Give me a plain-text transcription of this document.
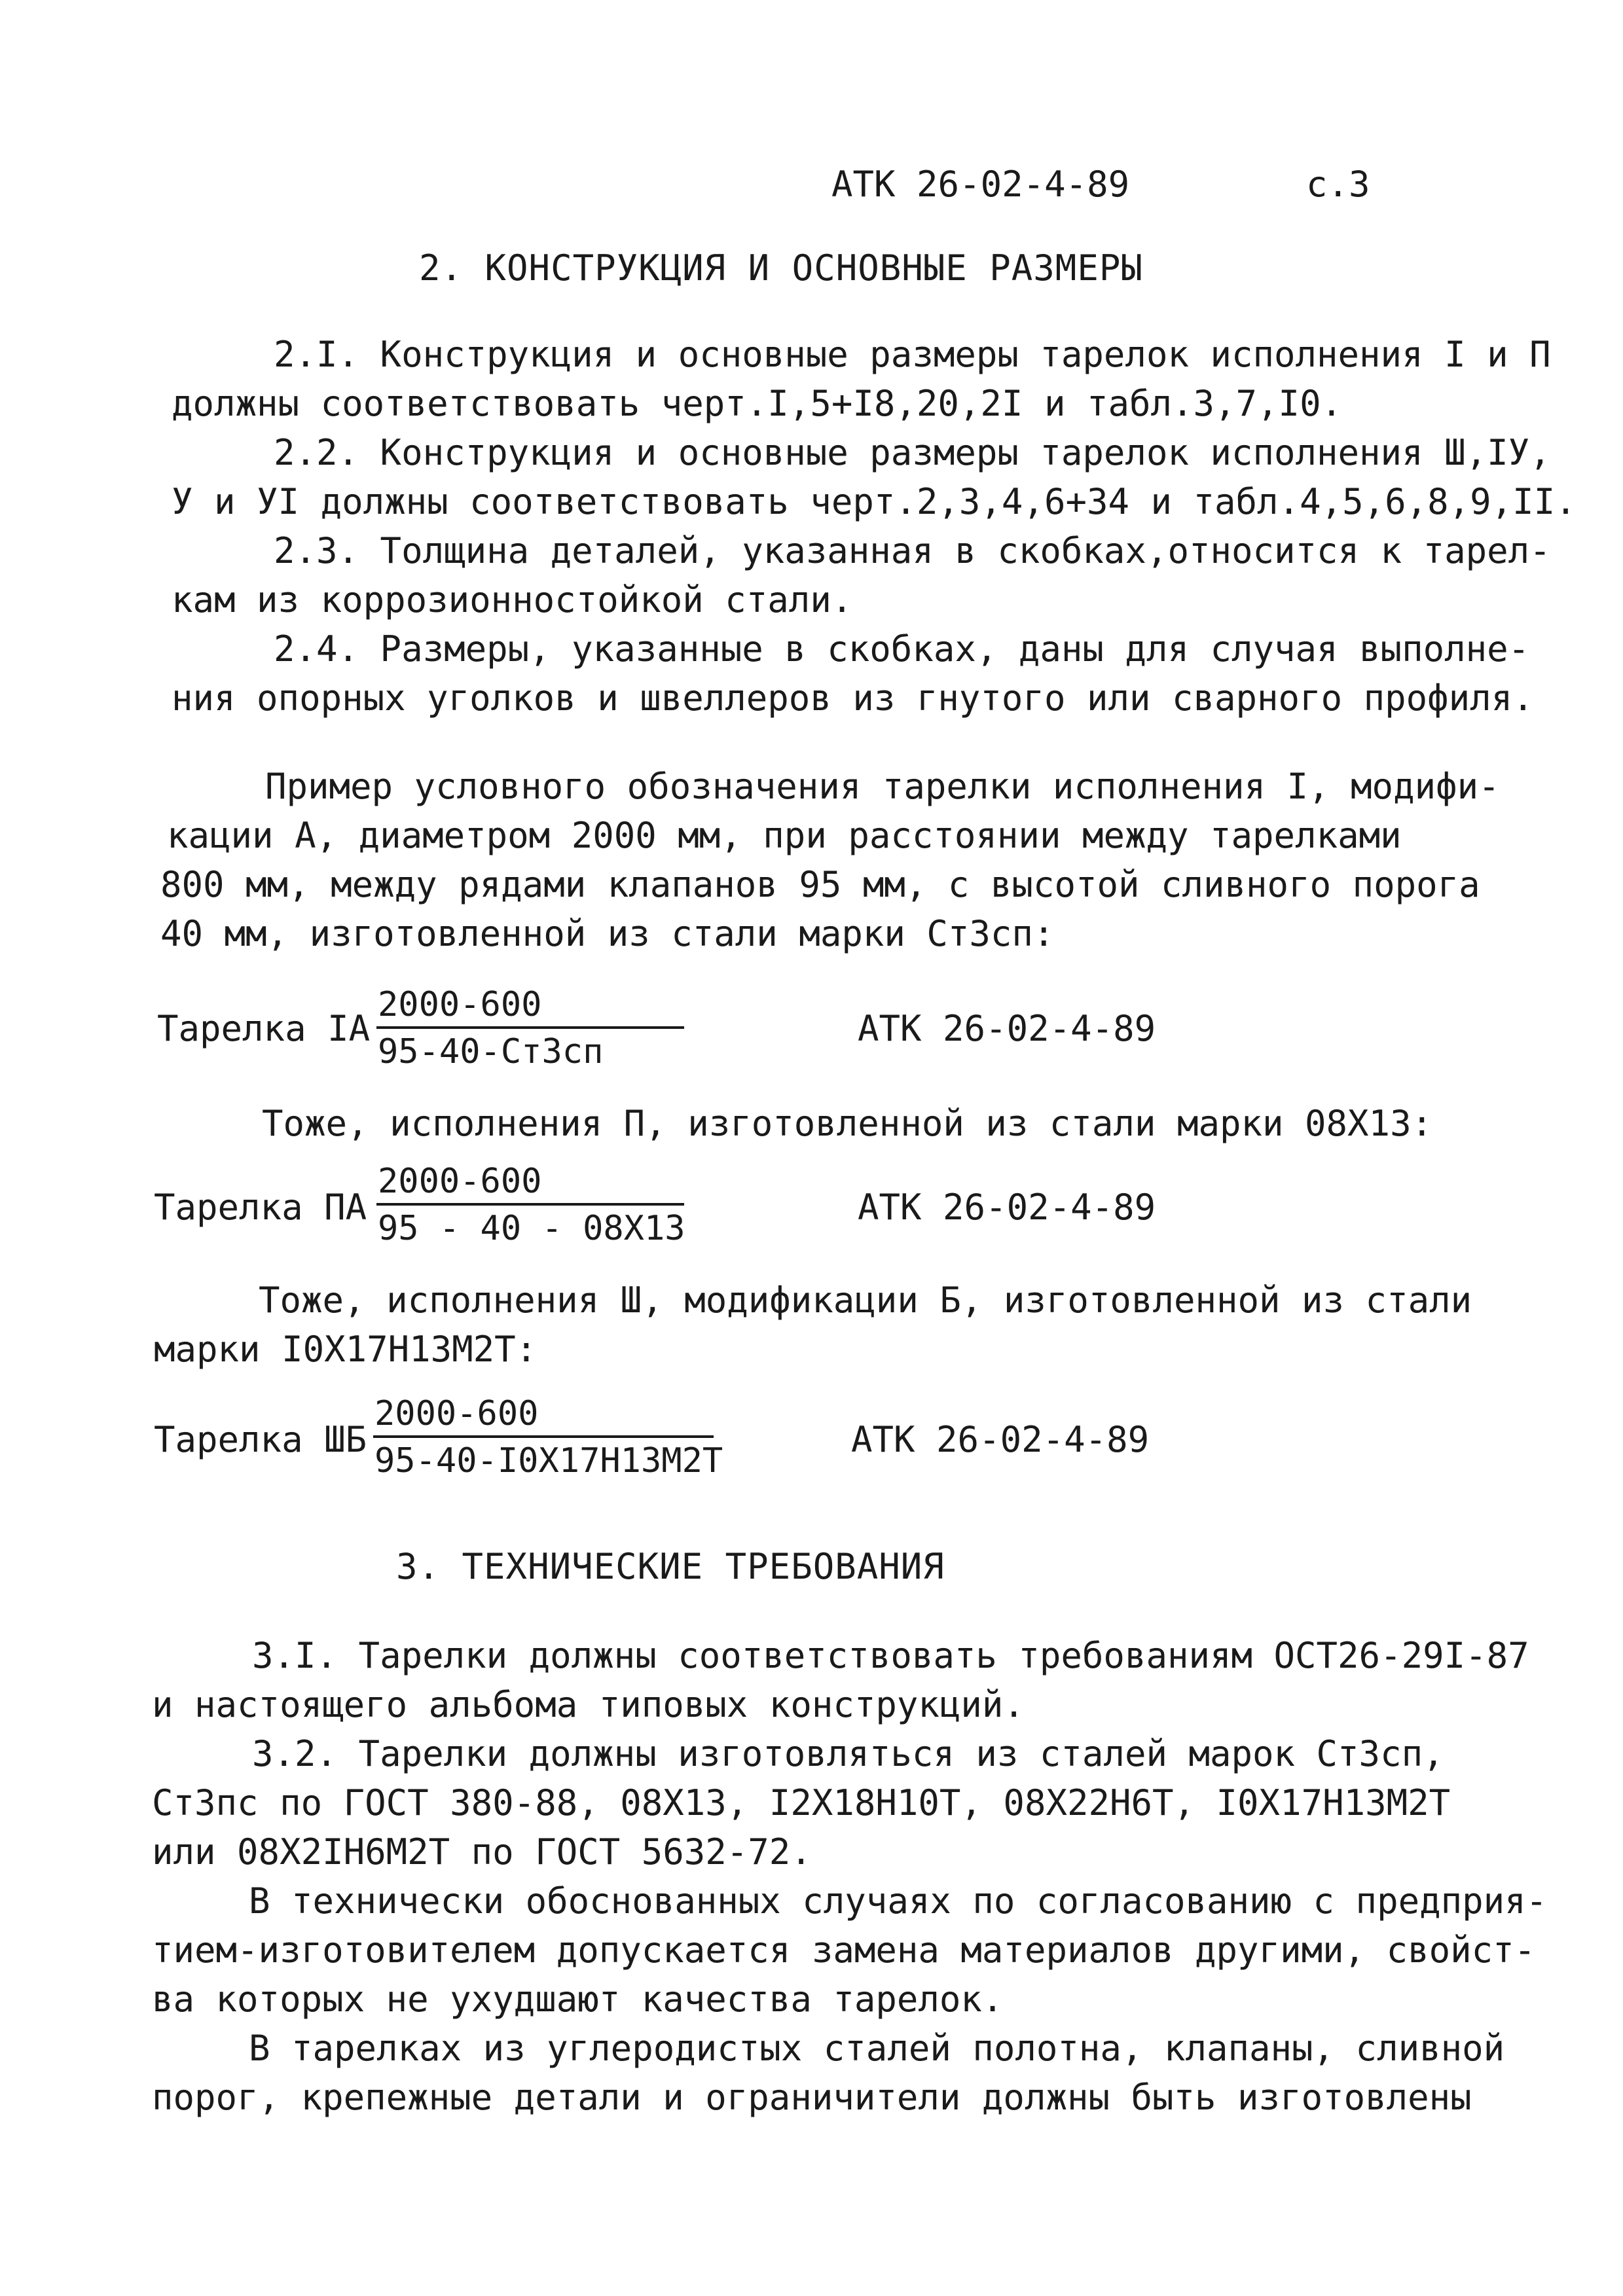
АТК 26-02-4-89	с.3
2. КОНСТРУКЦИЯ И ОСНОВНЫЕ РАЗМЕРЫ
2.I. Конструкция и основные размеры тарелок исполнения I и П
должны соответствовать черт.I,5+I8,20,2I и табл.3,7,I0.
2.2. Конструкция и основные размеры тарелок исполнения Ш,IУ,
У и УI должны соответствовать черт.2,3,4,6+34 и табл.4,5,6,8,9,II.
2.3. Толщина деталей, указанная в скобках,относится к тарел-
кам из коррозионностойкой стали.
2.4. Размеры, указанные в скобках, даны для случая выполне-
ния опорных уголков и швеллеров из гнутого или сварного профиля.
Пример условного обозначения тарелки исполнения I, модифи-
кации А, диаметром 2000 мм, при расстоянии между тарелками
800 мм, между рядами клапанов 95 мм, с высотой сливного порога
40 мм, изготовленной из стали марки Ст3сп:
Тарелка IА
2000-600
95-40-Ст3сп
АТК 26-02-4-89
Тоже, исполнения П, изготовленной из стали марки 08Х13:
Тарелка ПА
2000-600
95 - 40 - 08Х13
АТК 26-02-4-89
Тоже, исполнения Ш, модификации Б, изготовленной из стали
марки I0Х17Н13М2Т:
Тарелка ШБ
2000-600
95-40-I0Х17Н13М2Т
АТК 26-02-4-89
3. ТЕХНИЧЕСКИЕ ТРЕБОВАНИЯ
3.I. Тарелки должны соответствовать требованиям ОСТ26-29I-87
и настоящего альбома типовых конструкций.
3.2. Тарелки должны изготовляться из сталей марок Ст3сп,
Ст3пс по ГОСТ 380-88, 08Х13, I2Х18Н10Т, 08Х22Н6Т, I0Х17Н13М2Т
или 08Х2IН6М2Т по ГОСТ 5632-72.
В технически обоснованных случаях по согласованию с предприя-
тием-изготовителем допускается замена материалов другими, свойст-
ва которых не ухудшают качества тарелок.
В тарелках из углеродистых сталей полотна, клапаны, сливной
порог, крепежные детали и ограничители должны быть изготовлены
